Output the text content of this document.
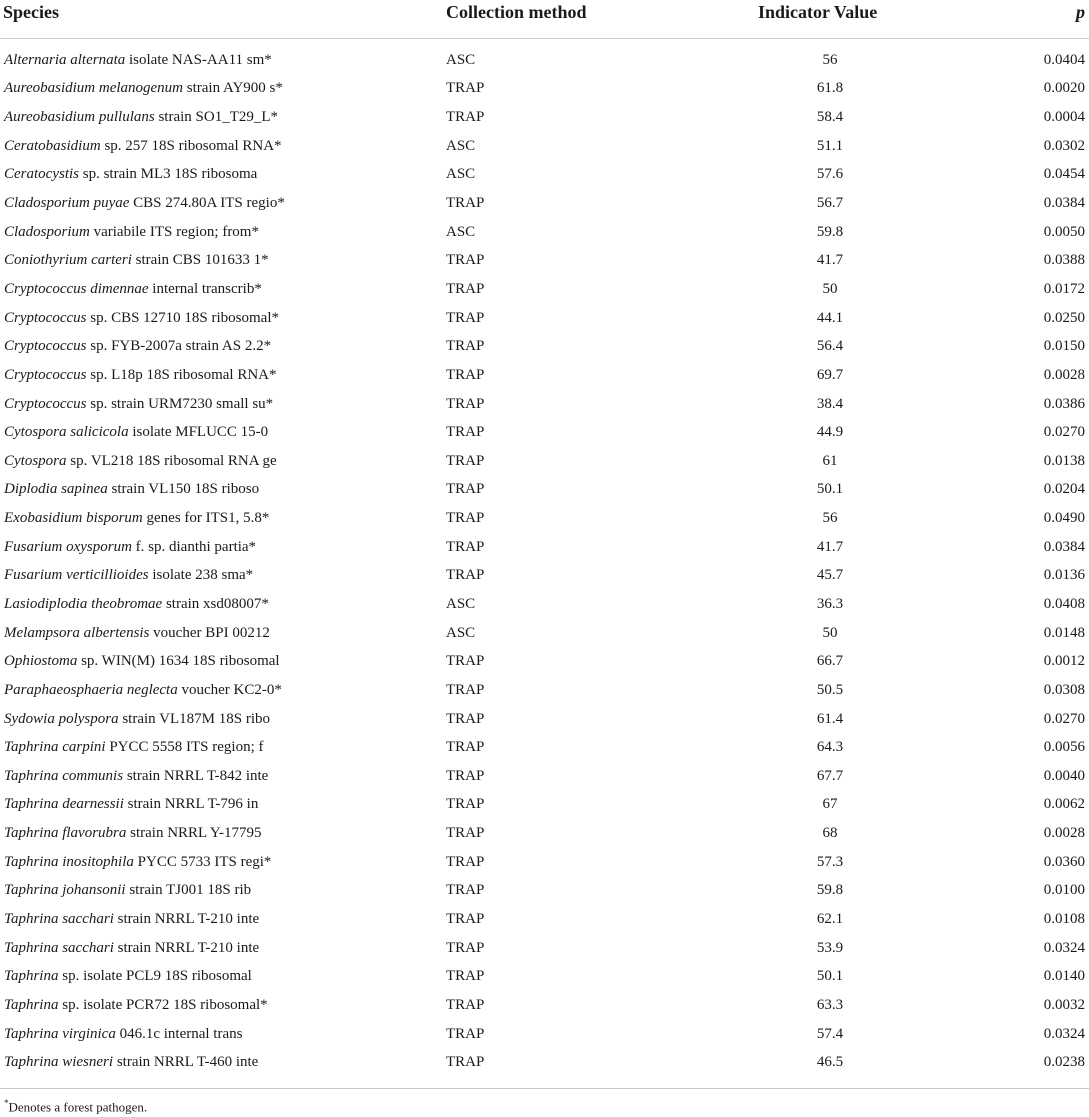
Species	Collection method	Indicator Value	p
Alternaria alternata isolate NAS-AA11 sm*	ASC	56	0.0404
Aureobasidium melanogenum strain AY900 s*	TRAP	61.8	0.0020
Aureobasidium pullulans strain SO1_T29_L*	TRAP	58.4	0.0004
Ceratobasidium sp. 257 18S ribosomal RNA*	ASC	51.1	0.0302
Ceratocystis sp. strain ML3 18S ribosoma	ASC	57.6	0.0454
Cladosporium puyae CBS 274.80A ITS regio*	TRAP	56.7	0.0384
Cladosporium variabile ITS region; from*	ASC	59.8	0.0050
Coniothyrium carteri strain CBS 101633 1*	TRAP	41.7	0.0388
Cryptococcus dimennae internal transcrib*	TRAP	50	0.0172
Cryptococcus sp. CBS 12710 18S ribosomal*	TRAP	44.1	0.0250
Cryptococcus sp. FYB-2007a strain AS 2.2*	TRAP	56.4	0.0150
Cryptococcus sp. L18p 18S ribosomal RNA*	TRAP	69.7	0.0028
Cryptococcus sp. strain URM7230 small su*	TRAP	38.4	0.0386
Cytospora salicicola isolate MFLUCC 15-0	TRAP	44.9	0.0270
Cytospora sp. VL218 18S ribosomal RNA ge	TRAP	61	0.0138
Diplodia sapinea strain VL150 18S riboso	TRAP	50.1	0.0204
Exobasidium bisporum genes for ITS1, 5.8*	TRAP	56	0.0490
Fusarium oxysporum f. sp. dianthi partia*	TRAP	41.7	0.0384
Fusarium verticillioides isolate 238 sma*	TRAP	45.7	0.0136
Lasiodiplodia theobromae strain xsd08007*	ASC	36.3	0.0408
Melampsora albertensis voucher BPI 00212	ASC	50	0.0148
Ophiostoma sp. WIN(M) 1634 18S ribosomal	TRAP	66.7	0.0012
Paraphaeosphaeria neglecta voucher KC2-0*	TRAP	50.5	0.0308
Sydowia polyspora strain VL187M 18S ribo	TRAP	61.4	0.0270
Taphrina carpini PYCC 5558 ITS region; f	TRAP	64.3	0.0056
Taphrina communis strain NRRL T-842 inte	TRAP	67.7	0.0040
Taphrina dearnessii strain NRRL T-796 in	TRAP	67	0.0062
Taphrina flavorubra strain NRRL Y-17795	TRAP	68	0.0028
Taphrina inositophila PYCC 5733 ITS regi*	TRAP	57.3	0.0360
Taphrina johansonii strain TJ001 18S rib	TRAP	59.8	0.0100
Taphrina sacchari strain NRRL T-210 inte	TRAP	62.1	0.0108
Taphrina sacchari strain NRRL T-210 inte	TRAP	53.9	0.0324
Taphrina sp. isolate PCL9 18S ribosomal	TRAP	50.1	0.0140
Taphrina sp. isolate PCR72 18S ribosomal*	TRAP	63.3	0.0032
Taphrina virginica 046.1c internal trans	TRAP	57.4	0.0324
Taphrina wiesneri strain NRRL T-460 inte	TRAP	46.5	0.0238
*Denotes a forest pathogen.
